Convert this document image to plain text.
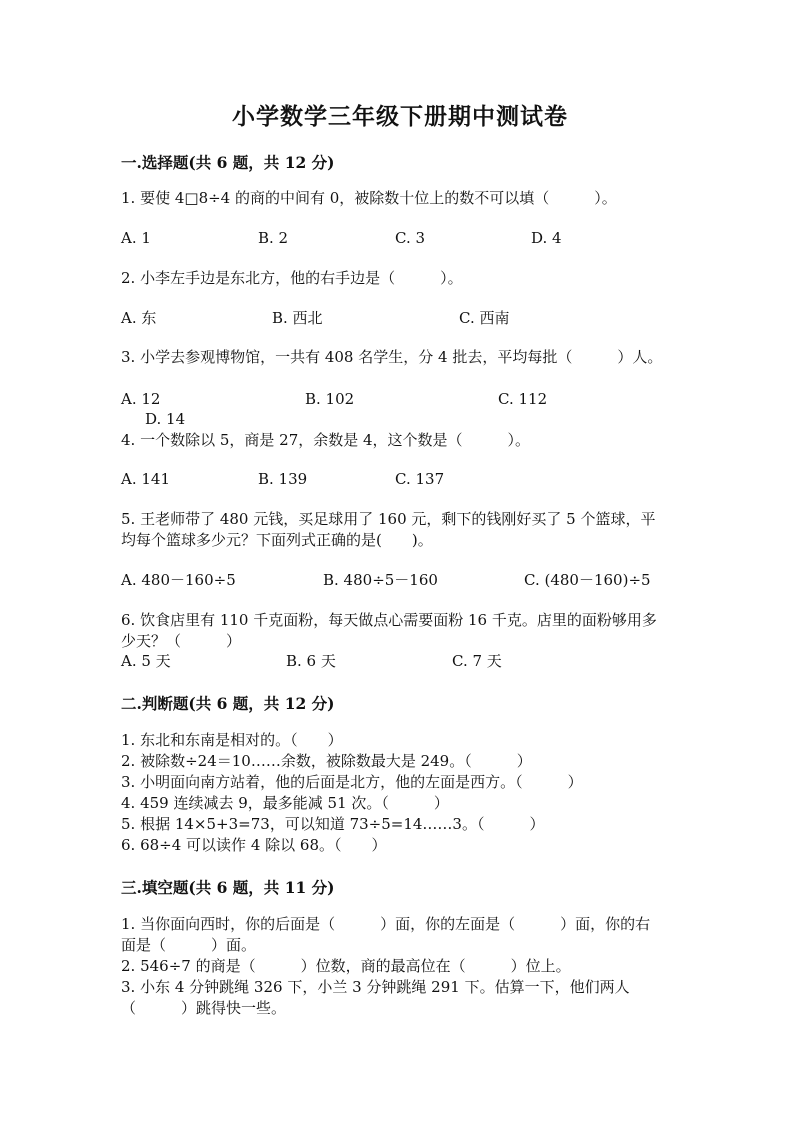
小学数学三年级下册期中测试卷
一.选择题(共 6 题，共 12 分)
1. 要使 4□8÷4 的商的中间有 0，被除数十位上的数不可以填（　　　）。
A. 1	B. 2	C. 3	D. 4
2. 小李左手边是东北方，他的右手边是（　　　）。
A. 东	B. 西北	C. 西南
3. 小学去参观博物馆，一共有 408 名学生，分 4 批去，平均每批（　　　）人。
A. 12	B. 102	C. 112
D. 14
4. 一个数除以 5，商是 27，余数是 4，这个数是（　　　）。
A. 141	B. 139	C. 137
5. 王老师带了 480 元钱，买足球用了 160 元，剩下的钱刚好买了 5 个篮球，平
均每个篮球多少元？下面列式正确的是(　　)。
A. 480－160÷5	B. 480÷5－160	C. (480－160)÷5
6. 饮食店里有 110 千克面粉，每天做点心需要面粉 16 千克。店里的面粉够用多
少天？（　　　）
A. 5 天	B. 6 天	C. 7 天
二.判断题(共 6 题，共 12 分)
1. 东北和东南是相对的。（　　）
2. 被除数÷24＝10……余数，被除数最大是 249。（　　　）
3. 小明面向南方站着，他的后面是北方，他的左面是西方。（　　　）
4. 459 连续减去 9，最多能减 51 次。（　　　）
5. 根据 14×5+3=73，可以知道 73÷5=14……3。（　　　）
6. 68÷4 可以读作 4 除以 68。（　　）
三.填空题(共 6 题，共 11 分)
1. 当你面向西时，你的后面是（　　　）面，你的左面是（　　　）面，你的右
面是（　　　）面。
2. 546÷7 的商是（　　　）位数，商的最高位在（　　　）位上。
3. 小东 4 分钟跳绳 326 下，小兰 3 分钟跳绳 291 下。估算一下，他们两人
（　　　）跳得快一些。
